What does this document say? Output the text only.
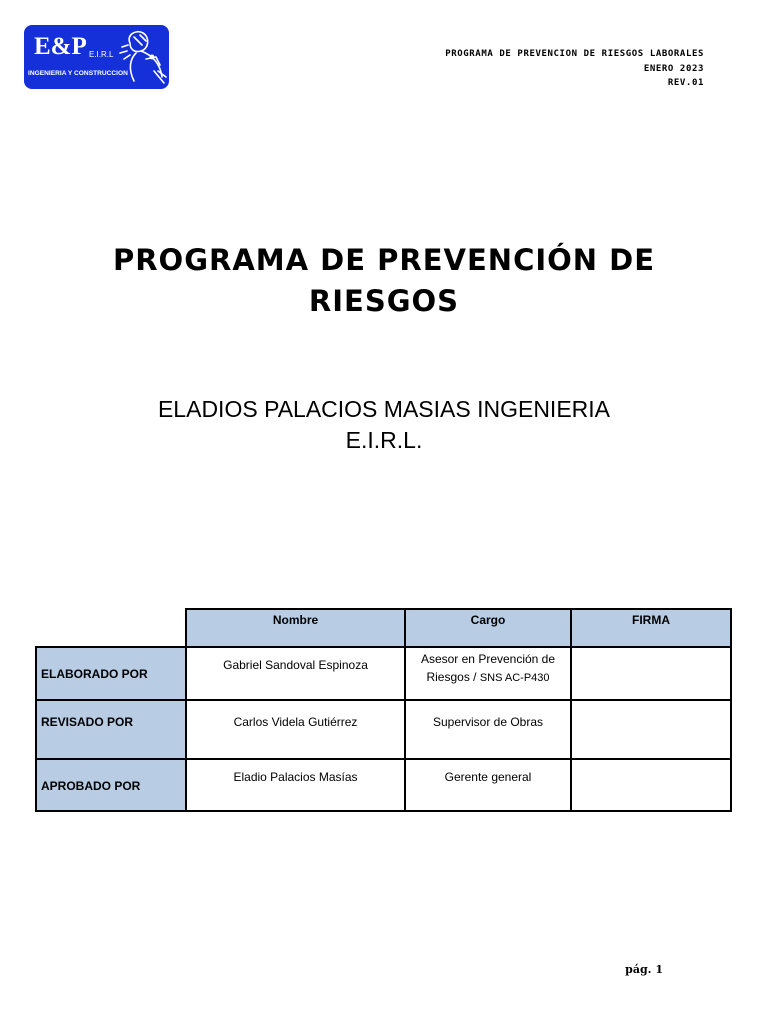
E&P E.I.R.L
INGENIERIA Y CONSTRUCCION
PROGRAMA DE PREVENCION DE RIESGOS LABORALES
ENERO 2023
REV.01
PROGRAMA DE PREVENCIÓN DE
RIESGOS
ELADIOS PALACIOS MASIAS INGENIERIA
E.I.R.L.
	Nombre	Cargo	FIRMA
ELABORADO POR	Gabriel Sandoval Espinoza	Asesor en Prevención de
Riesgos / SNS AC-P430	
REVISADO POR	Carlos Videla Gutiérrez	Supervisor de Obras	
APROBADO POR	Eladio Palacios Masías	Gerente general	
pág. 1
